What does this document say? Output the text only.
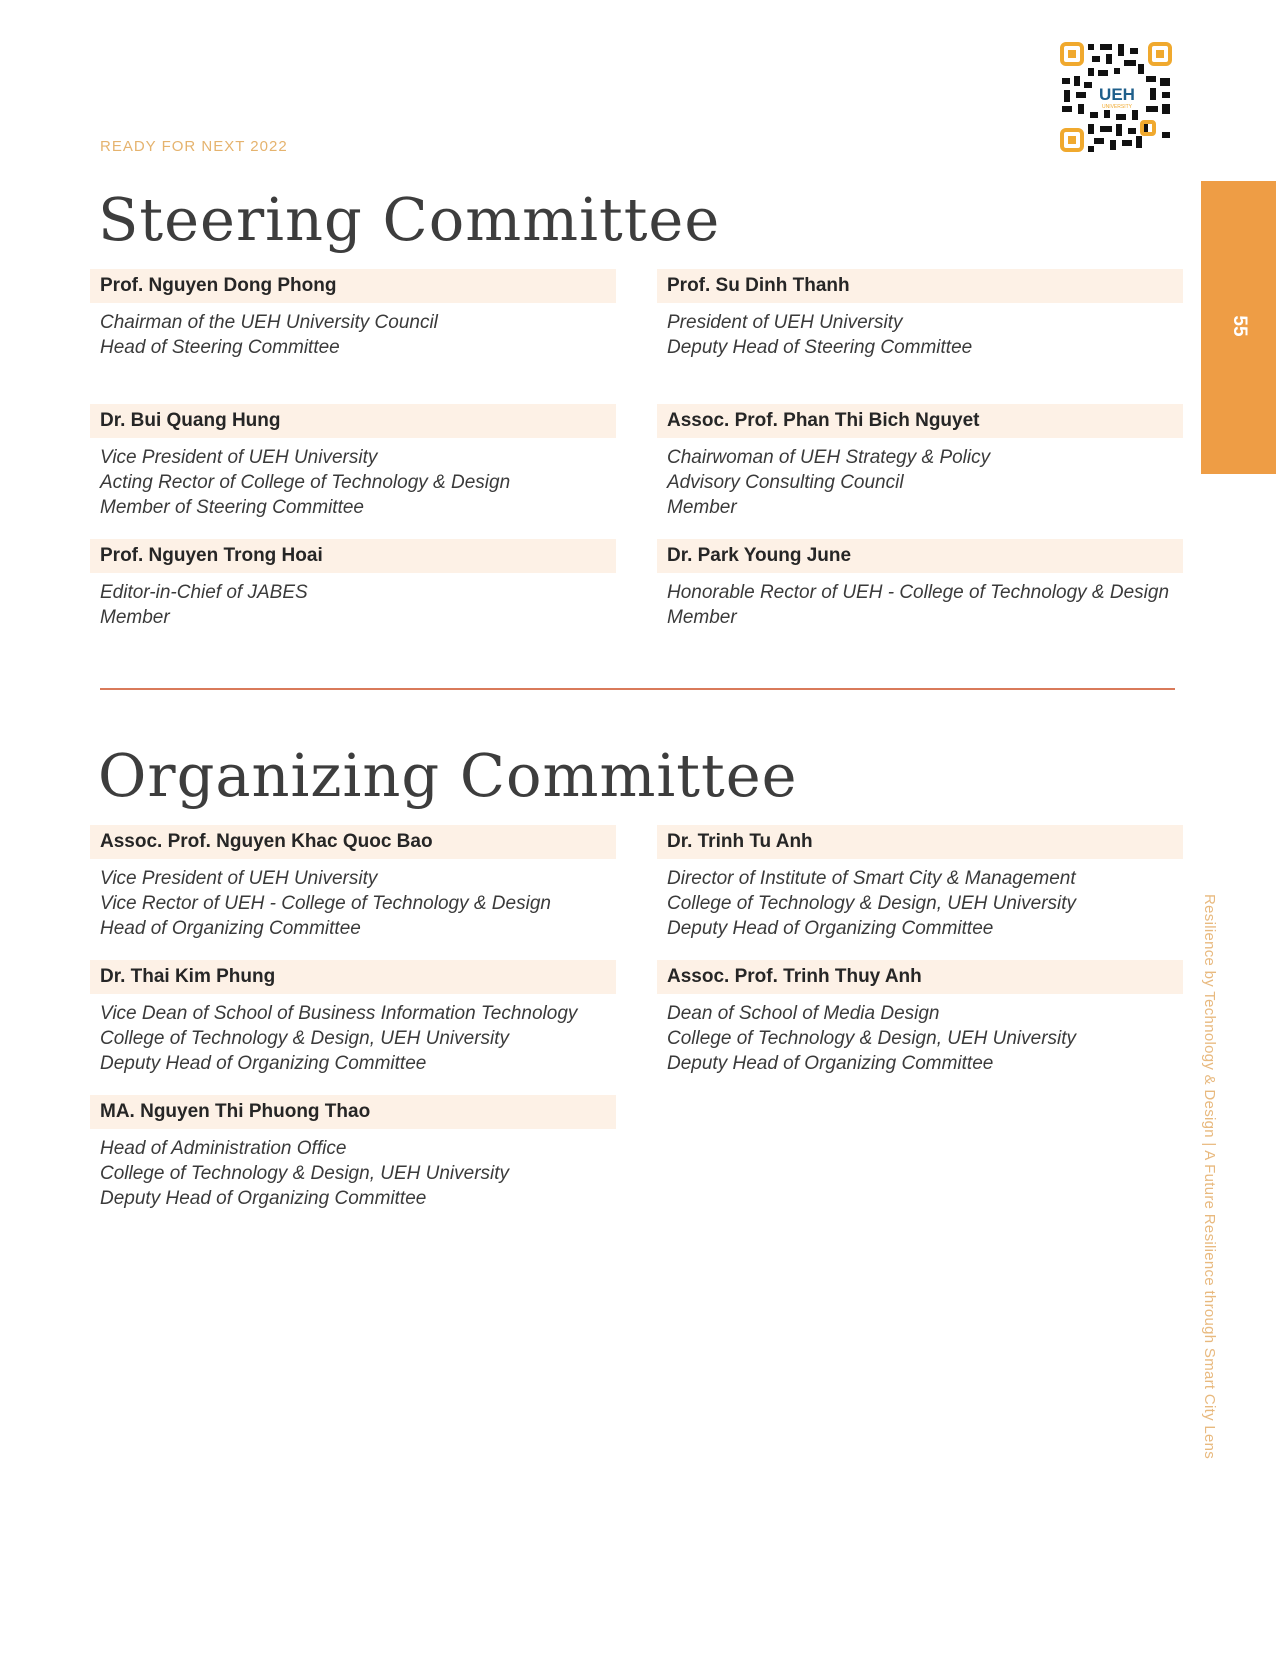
READY FOR NEXT 2022
UEH
UNIVERSITY
55
Resilience by Technology & Design | A Future Resilience through Smart City Lens
Steering Committee
Prof. Nguyen Dong Phong
Chairman of the UEH University Council
Head of Steering Committee
Prof. Su Dinh Thanh
President of UEH University
Deputy Head of Steering Committee
Dr. Bui Quang Hung
Vice President of UEH University
Acting Rector of College of Technology & Design
Member of Steering Committee
Assoc. Prof. Phan Thi Bich Nguyet
Chairwoman of UEH Strategy & Policy
Advisory Consulting Council
Member
Prof. Nguyen Trong Hoai
Editor-in-Chief of JABES
Member
Dr. Park Young June
Honorable Rector of UEH - College of Technology & Design
Member
Organizing Committee
Assoc. Prof. Nguyen Khac Quoc Bao
Vice President of UEH University
Vice Rector of UEH - College of Technology & Design
Head of Organizing Committee
Dr. Trinh Tu Anh
Director of Institute of Smart City & Management
College of Technology & Design, UEH University
Deputy Head of Organizing Committee
Dr. Thai Kim Phung
Vice Dean of School of Business Information Technology
College of Technology & Design, UEH University
Deputy Head of Organizing Committee
Assoc. Prof. Trinh Thuy Anh
Dean of School of Media Design
College of Technology & Design, UEH University
Deputy Head of Organizing Committee
MA. Nguyen Thi Phuong Thao
Head of Administration Office
College of Technology & Design, UEH University
Deputy Head of Organizing Committee
